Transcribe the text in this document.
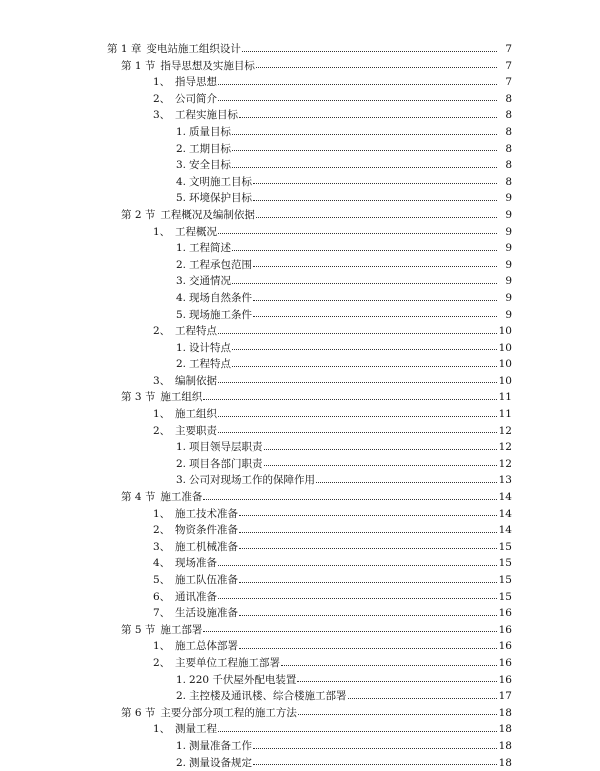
第 1 章 变电站施工组织设计	7
第 1 节 指导思想及实施目标	7
1、 指导思想	7
2、 公司简介	8
3、 工程实施目标	8
1. 质量目标	8
2. 工期目标	8
3. 安全目标	8
4. 文明施工目标	8
5. 环境保护目标	9
第 2 节 工程概况及编制依据	9
1、 工程概况	9
1. 工程简述	9
2. 工程承包范围	9
3. 交通情况	9
4. 现场自然条件	9
5. 现场施工条件	9
2、 工程特点	10
1. 设计特点	10
2. 工程特点	10
3、 编制依据	10
第 3 节 施工组织	11
1、 施工组织	11
2、 主要职责	12
1. 项目领导层职责	12
2. 项目各部门职责	12
3. 公司对现场工作的保障作用	13
第 4 节 施工准备	14
1、 施工技术准备	14
2、 物资条件准备	14
3、 施工机械准备	15
4、 现场准备	15
5、 施工队伍准备	15
6、 通讯准备	15
7、 生活设施准备	16
第 5 节 施工部署	16
1、 施工总体部署	16
2、 主要单位工程施工部署	16
1. 220 千伏屋外配电装置	16
2. 主控楼及通讯楼、综合楼施工部署	17
第 6 节 主要分部分项工程的施工方法	18
1、 测量工程	18
1. 测量准备工作	18
2. 测量设备规定	18
